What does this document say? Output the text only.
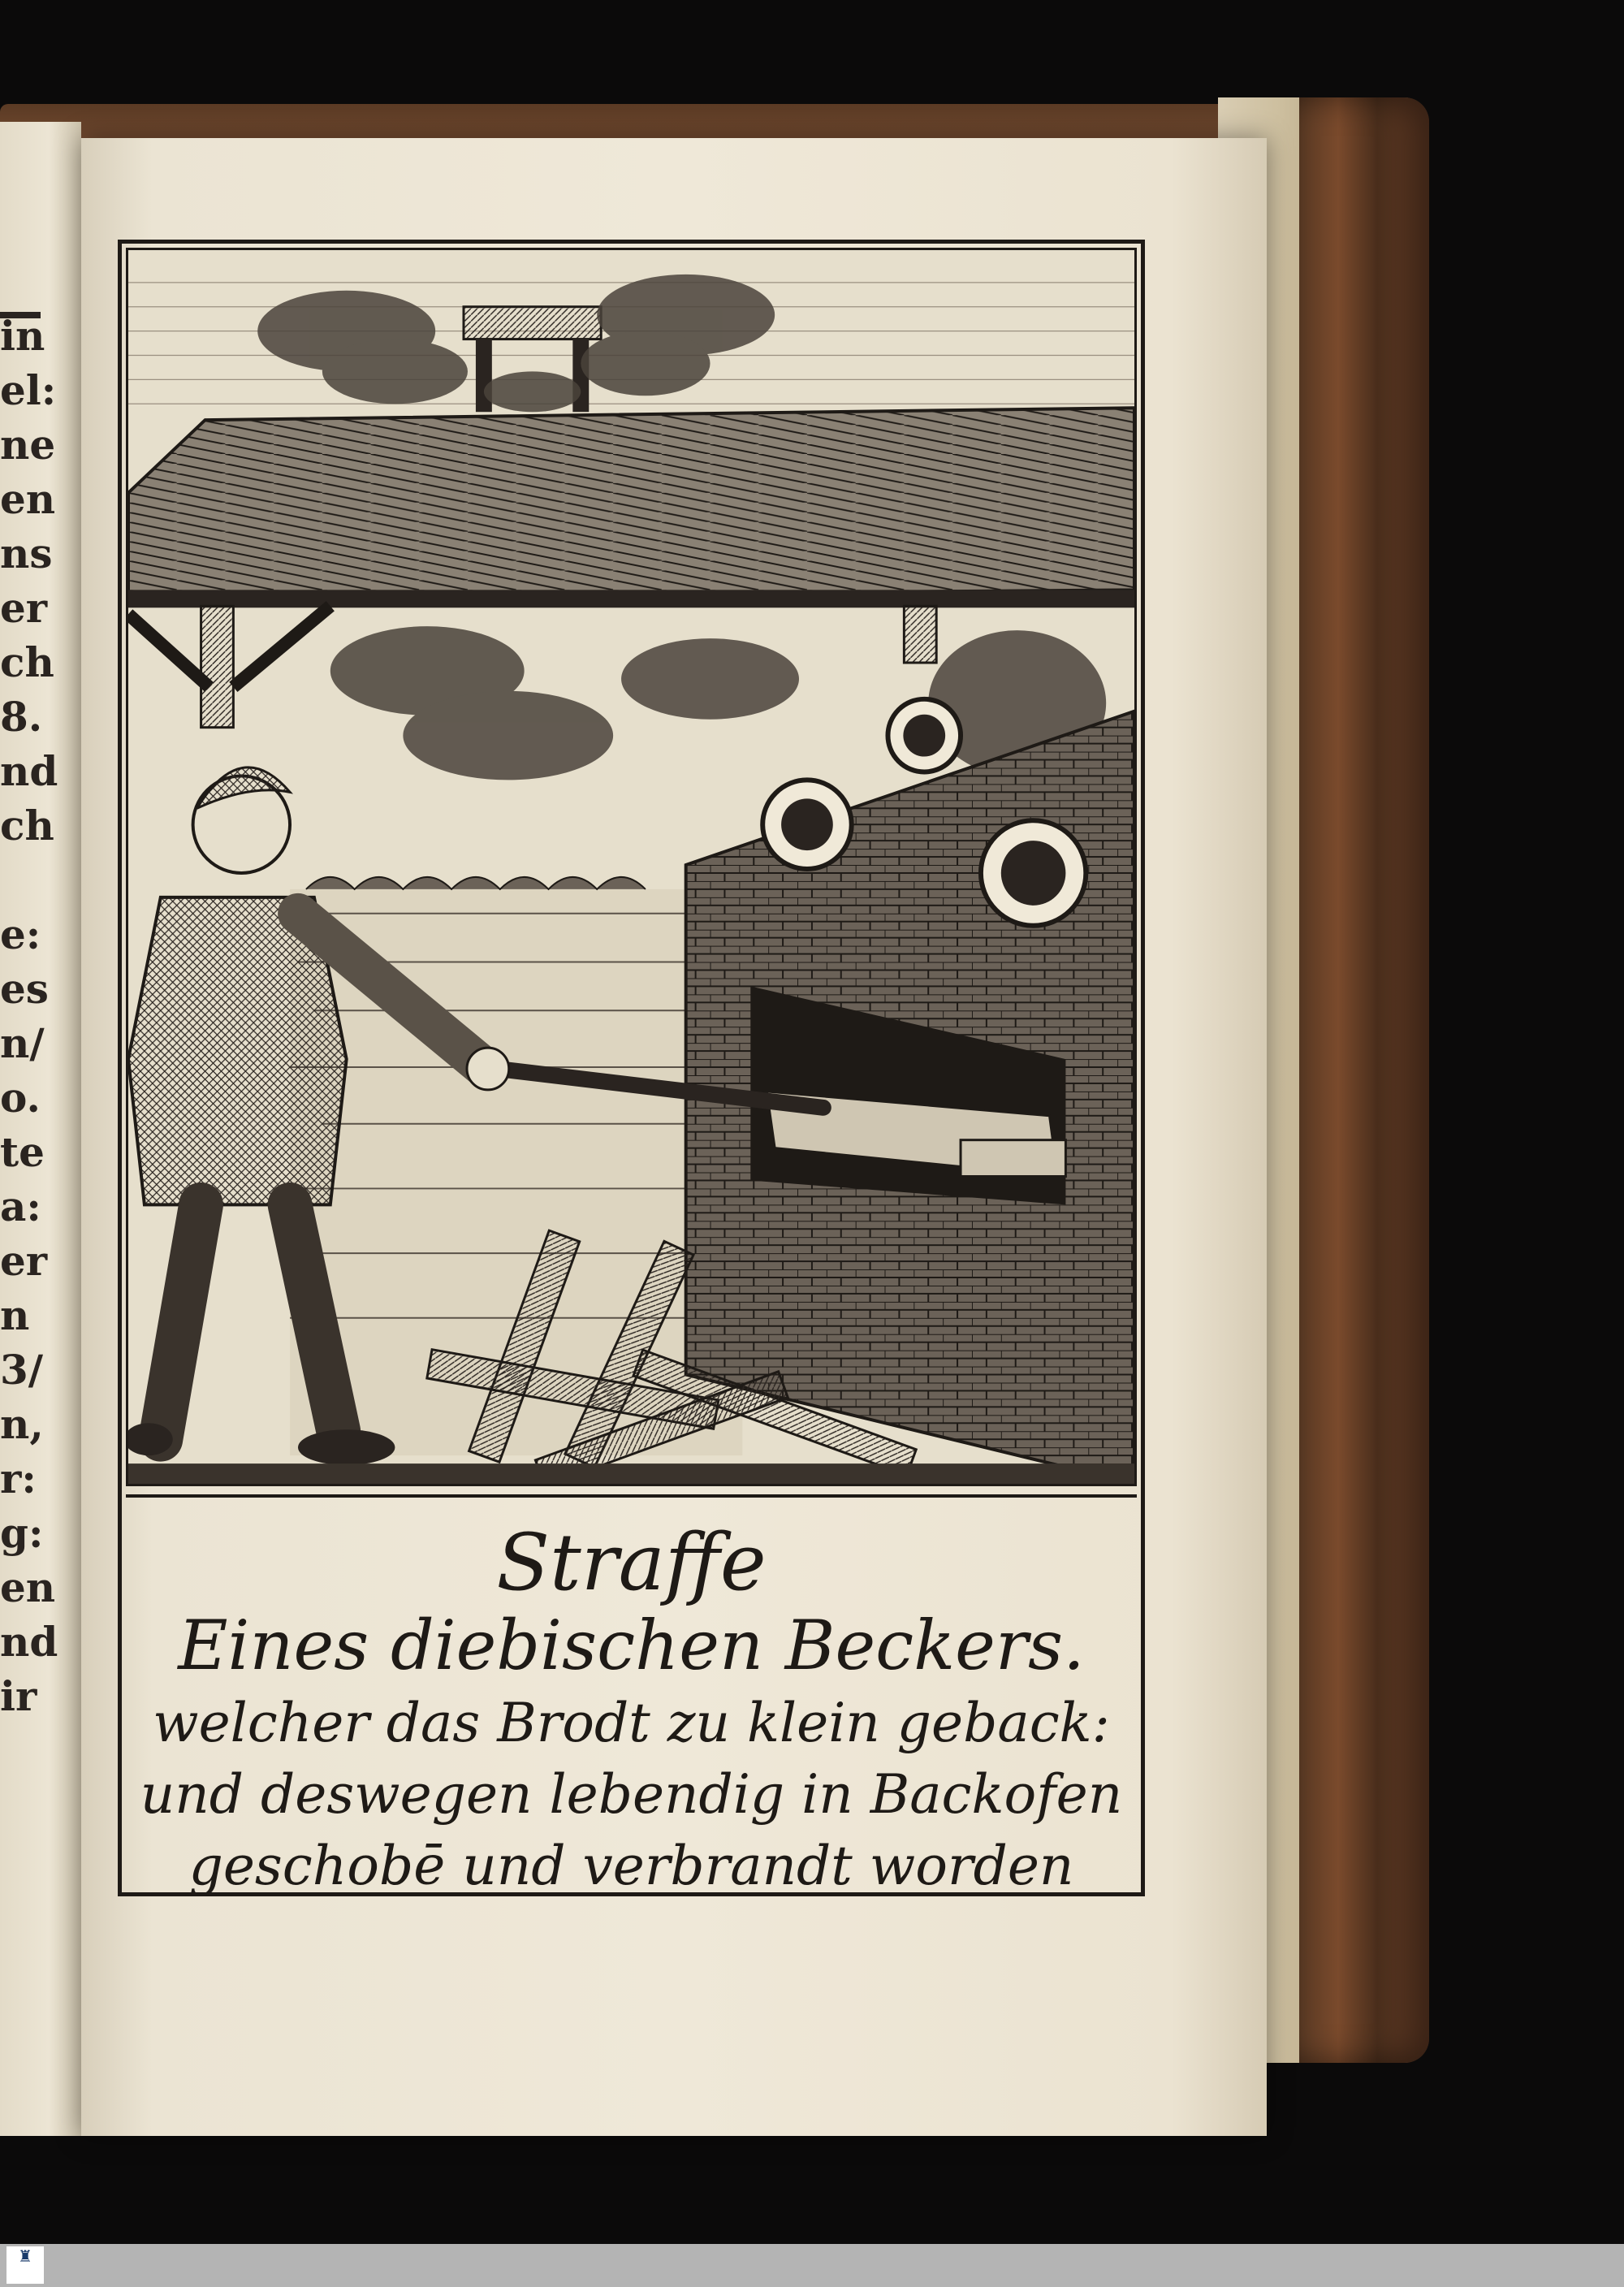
in
el:
ne
en
ns
er
ch
8.
nd
ch
e:
es
n/
o.
te
a:
er
n
3/
n,
r:
g:
en
nd
ir
Straffe
Eines diebischen Beckers.
welcher das Brodt zu klein geback:
und deswegen lebendig in Backofen
geschobē und verbrandt worden
♜
